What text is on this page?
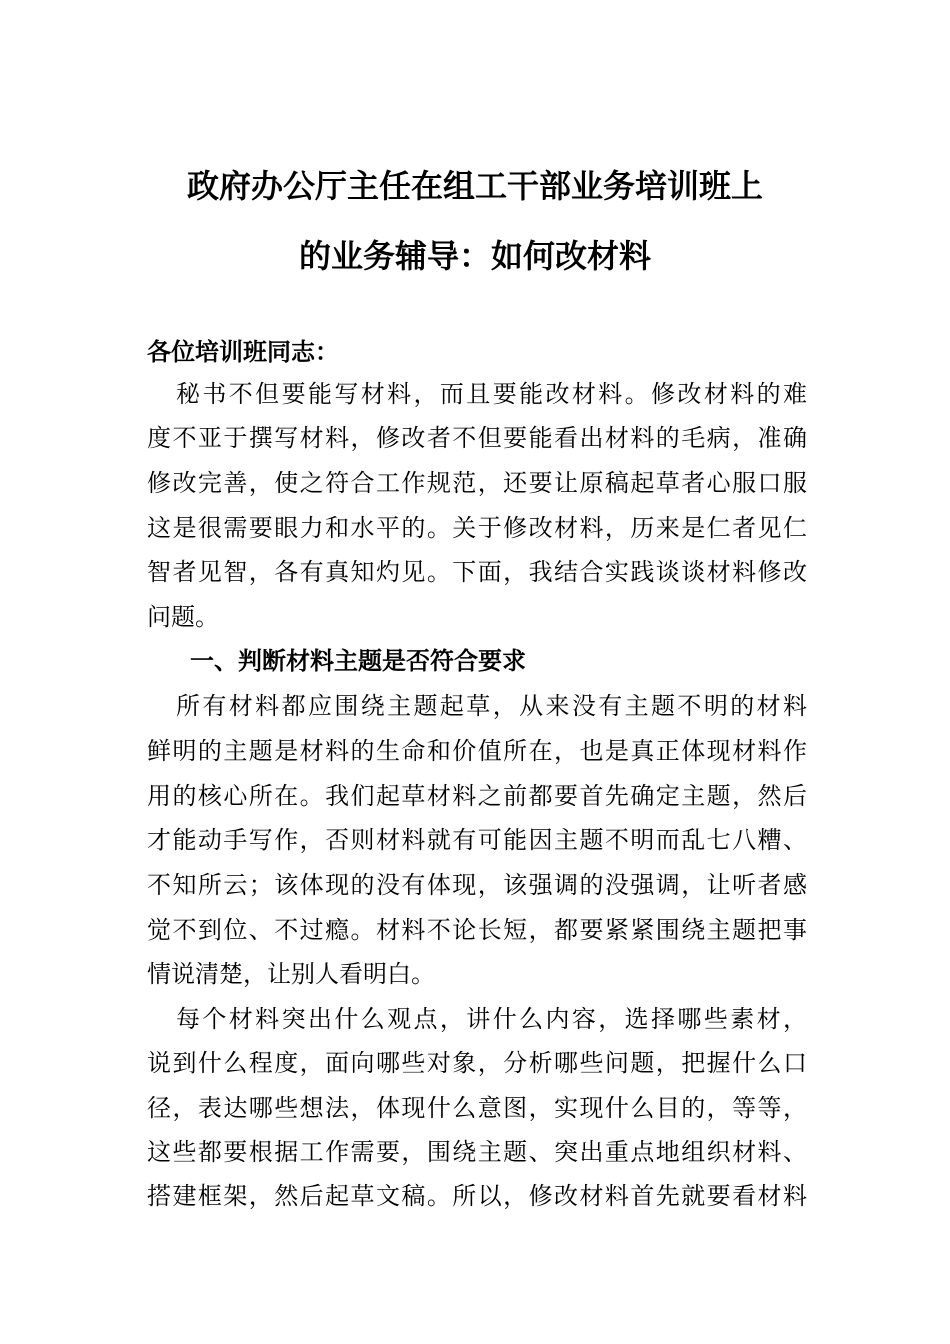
政府办公厅主任在组工干部业务培训班上
的业务辅导：如何改材料
各位培训班同志：
秘书不但要能写材料，而且要能改材料。修改材料的难
度不亚于撰写材料，修改者不但要能看出材料的毛病，准确
修改完善，使之符合工作规范，还要让原稿起草者心服口服
这是很需要眼力和水平的。关于修改材料，历来是仁者见仁
智者见智，各有真知灼见。下面，我结合实践谈谈材料修改
问题。
一、判断材料主题是否符合要求
所有材料都应围绕主题起草，从来没有主题不明的材料
鲜明的主题是材料的生命和价值所在，也是真正体现材料作
用的核心所在。我们起草材料之前都要首先确定主题，然后
才能动手写作，否则材料就有可能因主题不明而乱七八糟、
不知所云；该体现的没有体现，该强调的没强调，让听者感
觉不到位、不过瘾。材料不论长短，都要紧紧围绕主题把事
情说清楚，让别人看明白。
每个材料突出什么观点，讲什么内容，选择哪些素材，
说到什么程度，面向哪些对象，分析哪些问题，把握什么口
径，表达哪些想法，体现什么意图，实现什么目的，等等，
这些都要根据工作需要，围绕主题、突出重点地组织材料、
搭建框架，然后起草文稿。所以，修改材料首先就要看材料
